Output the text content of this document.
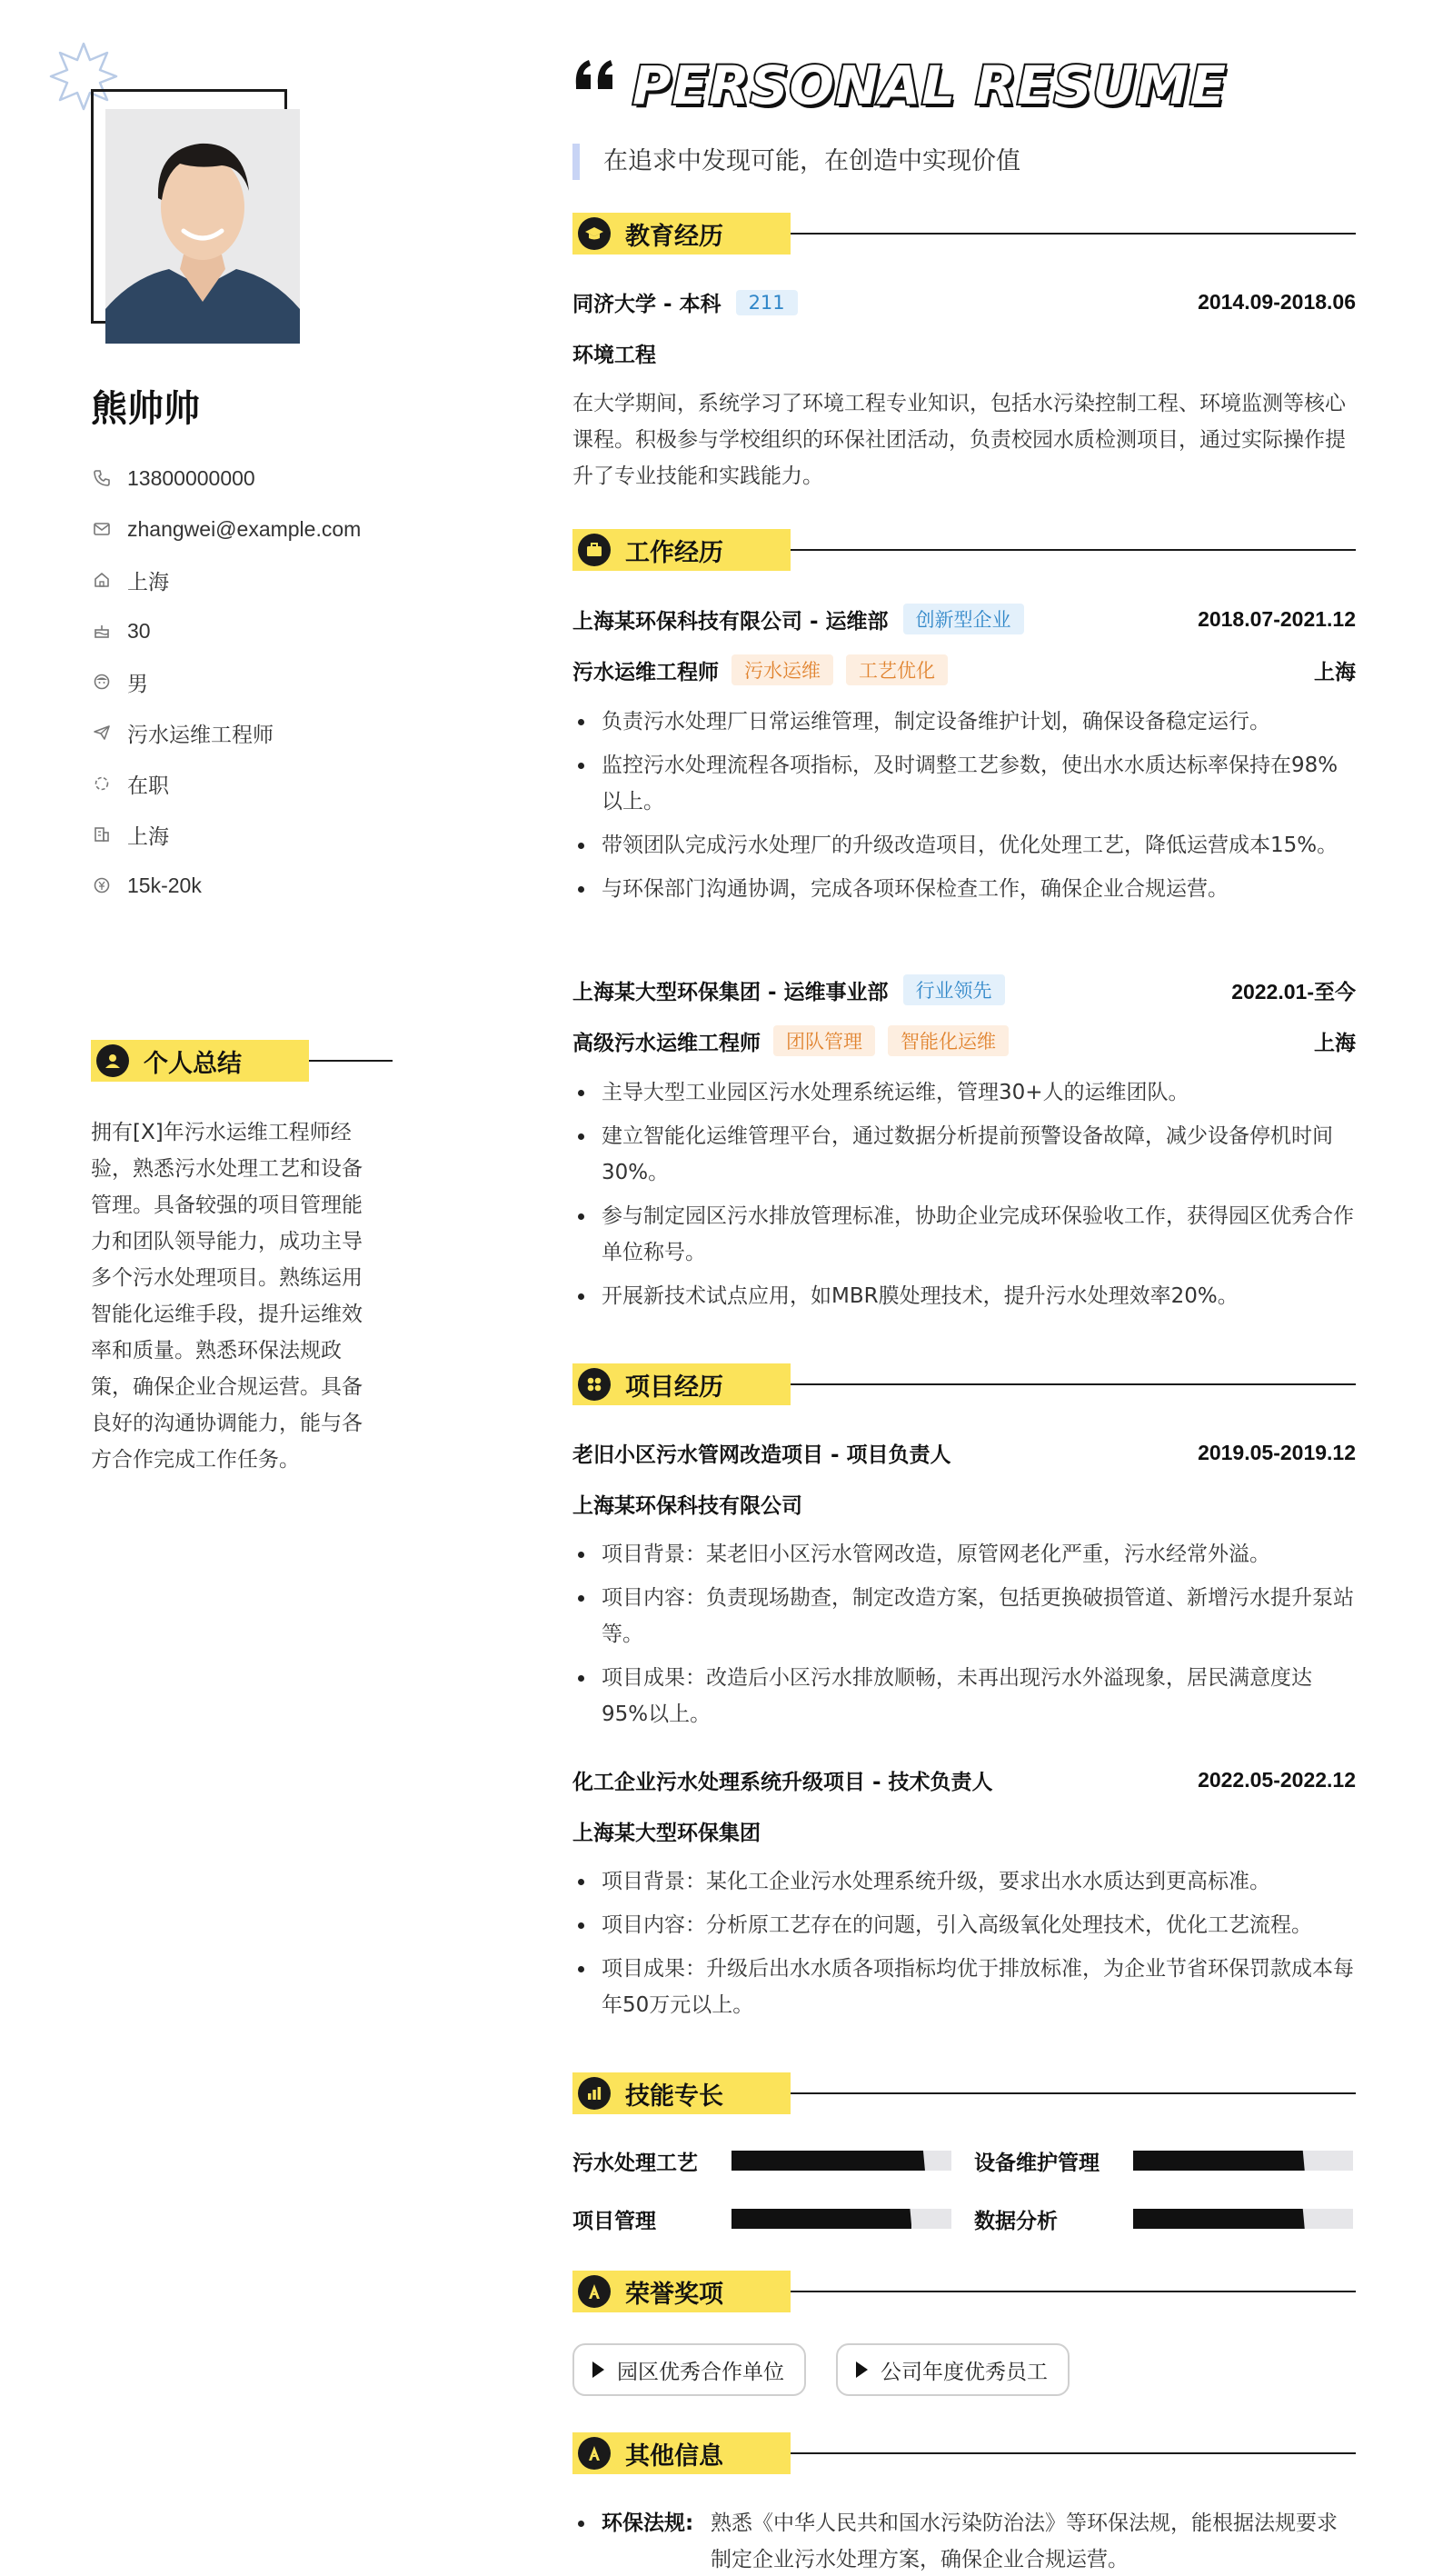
熊帅帅
13800000000
zhangwei@example.com
上海
30
男
污水运维工程师
在职
上海
15k-20k
个人总结

拥有[X]年污水运维工程师经验，熟悉污水处理工艺和设备管理。具备较强的项目管理能力和团队领导能力，成功主导多个污水处理项目。熟练运用智能化运维手段，提升运维效率和质量。熟悉环保法规政策，确保企业合规运营。具备良好的沟通协调能力，能与各方合作完成工作任务。

PERSONAL RESUME
在追求中发现可能，在创造中实现价值
教育经历
同济大学 - 本科	211	2014.09-2018.06
环境工程

在大学期间，系统学习了环境工程专业知识，包括水污染控制工程、环境监测等核心课程。积极参与学校组织的环保社团活动，负责校园水质检测项目，通过实际操作提升了专业技能和实践能力。

工作经历
上海某环保科技有限公司 - 运维部	创新型企业	2018.07-2021.12
污水运维工程师	污水运维	工艺优化	上海
负责污水处理厂日常运维管理，制定设备维护计划，确保设备稳定运行。
监控污水处理流程各项指标，及时调整工艺参数，使出水水质达标率保持在98%以上。
带领团队完成污水处理厂的升级改造项目，优化处理工艺，降低运营成本15%。
与环保部门沟通协调，完成各项环保检查工作，确保企业合规运营。
上海某大型环保集团 - 运维事业部	行业领先	2022.01-至今
高级污水运维工程师	团队管理	智能化运维	上海
主导大型工业园区污水处理系统运维，管理30+人的运维团队。
建立智能化运维管理平台，通过数据分析提前预警设备故障，减少设备停机时间30%。
参与制定园区污水排放管理标准，协助企业完成环保验收工作，获得园区优秀合作单位称号。
开展新技术试点应用，如MBR膜处理技术，提升污水处理效率20%。
项目经历
老旧小区污水管网改造项目 - 项目负责人	2019.05-2019.12
上海某环保科技有限公司
项目背景：某老旧小区污水管网改造，原管网老化严重，污水经常外溢。
项目内容：负责现场勘查，制定改造方案，包括更换破损管道、新增污水提升泵站等。
项目成果：改造后小区污水排放顺畅，未再出现污水外溢现象，居民满意度达95%以上。
化工企业污水处理系统升级项目 - 技术负责人	2022.05-2022.12
上海某大型环保集团
项目背景：某化工企业污水处理系统升级，要求出水水质达到更高标准。
项目内容：分析原工艺存在的问题，引入高级氧化处理技术，优化工艺流程。
项目成果：升级后出水水质各项指标均优于排放标准，为企业节省环保罚款成本每年50万元以上。
技能专长
污水处理工艺	设备维护管理
项目管理	数据分析
荣誉奖项
园区优秀合作单位	公司年度优秀员工
其他信息
环保法规: 熟悉《中华人民共和国水污染防治法》等环保法规，能根据法规要求制定企业污水处理方案，确保企业合规运营。
